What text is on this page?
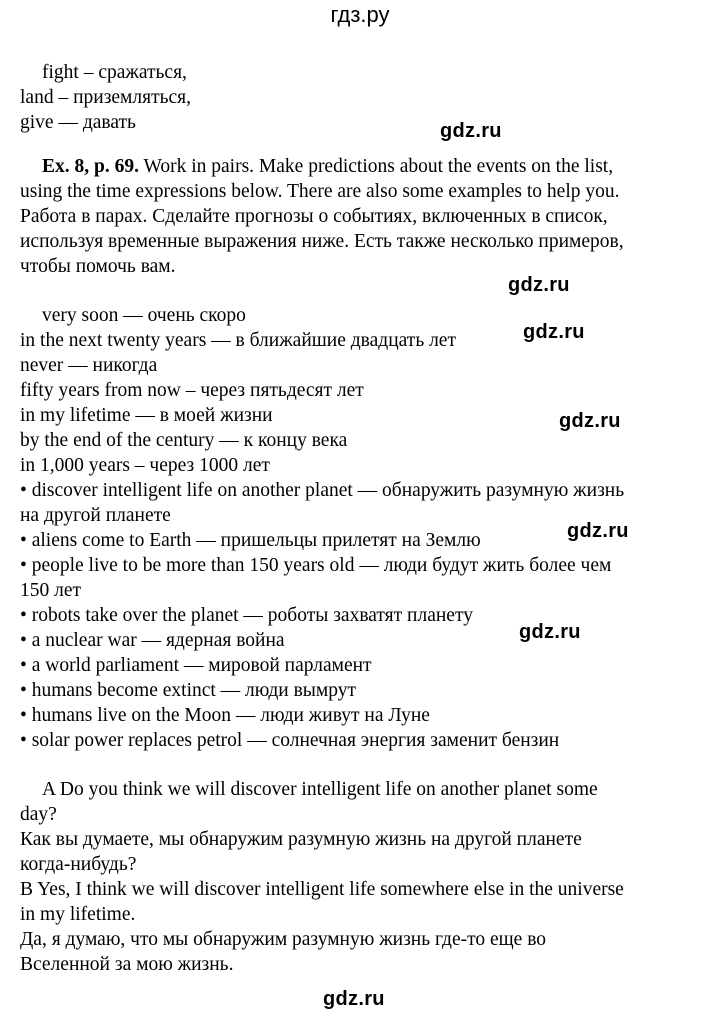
гдз.ру

fight – сражаться,

land – приземляться,

give — давать	gdz.ru

Ex. 8, p. 69. Work in pairs. Make predictions about the events on the list,

using the time expressions below. There are also some examples to help you.

Работа в парах. Сделайте прогнозы о событиях, включенных в список,

используя временные выражения ниже. Есть также несколько примеров,

чтобы помочь вам.

gdz.ru

very soon — очень скоро

in the next twenty years — в ближайшие двадцать лет	gdz.ru

never — никогда

fifty years from now – через пятьдесят лет

in my lifetime — в моей жизни	gdz.ru

by the end of the century — к концу века

in 1,000 years – через 1000 лет

• discover intelligent life on another planet — обнаружить разумную жизнь

на другой планете

gdz.ru

• aliens come to Earth — пришельцы прилетят на Землю

• people live to be more than 150 years old — люди будут жить более чем

150 лет

• robots take over the planet — роботы захватят планету

gdz.ru

• a nuclear war — ядерная война

• a world parliament — мировой парламент

• humans become extinct — люди вымрут

• humans live on the Moon — люди живут на Луне

• solar power replaces petrol — солнечная энергия заменит бензин

A Do you think we will discover intelligent life on another planet some

day?

Как вы думаете, мы обнаружим разумную жизнь на другой планете

когда-нибудь?

B Yes, I think we will discover intelligent life somewhere else in the universe

in my lifetime.

Да, я думаю, что мы обнаружим разумную жизнь где-то еще во

Вселенной за мою жизнь.

gdz.ru
